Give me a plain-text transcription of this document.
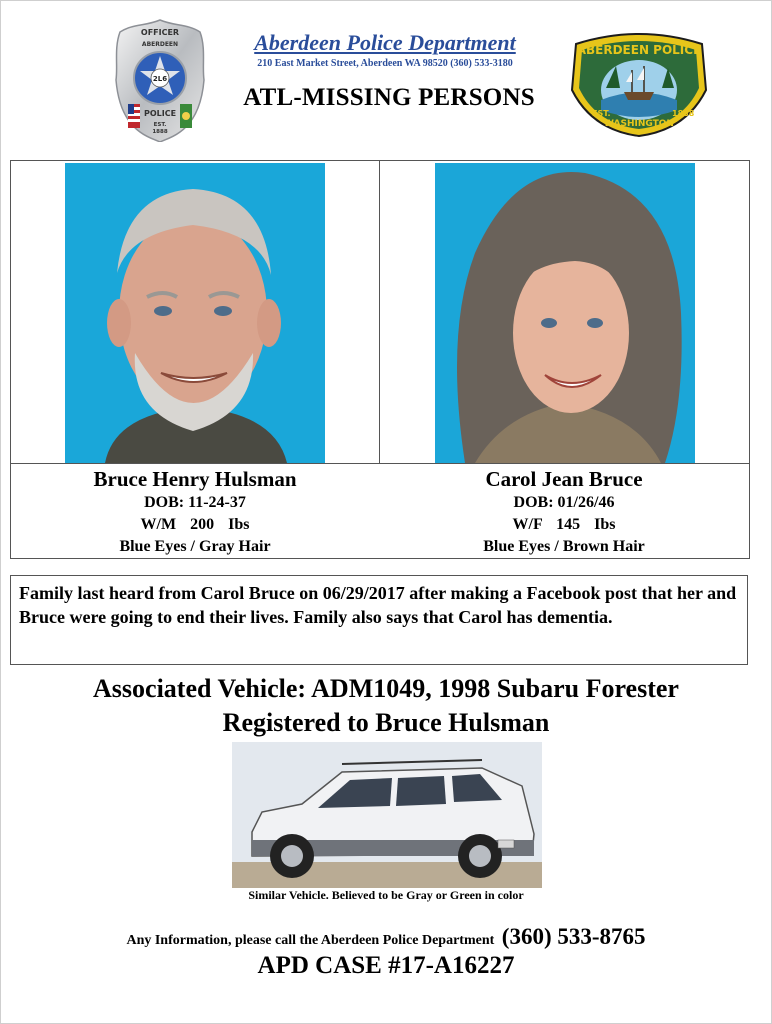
2L6
OFFICER
ABERDEEN
POLICE
EST.
1888
ABERDEEN POLICE
EST.
WASHINGTON
1888
Aberdeen Police Department
210 East Market Street, Aberdeen WA 98520 (360) 533-3180
ATL-MISSING PERSONS
Bruce Henry Hulsman
DOB: 11-24-37
W/M 200 Ibs
Blue Eyes / Gray Hair
Carol Jean Bruce
DOB: 01/26/46
W/F 145 Ibs
Blue Eyes / Brown Hair
Family last heard from Carol Bruce on 06/29/2017 after making a Facebook post that her and Bruce were going to end their lives. Family also says that Carol has dementia.
Associated Vehicle: ADM1049, 1998 Subaru Forester
Registered to Bruce Hulsman
Similar Vehicle. Believed to be Gray or Green in color
Any Information, please call the Aberdeen Police Department (360) 533-8765
APD CASE #17-A16227
